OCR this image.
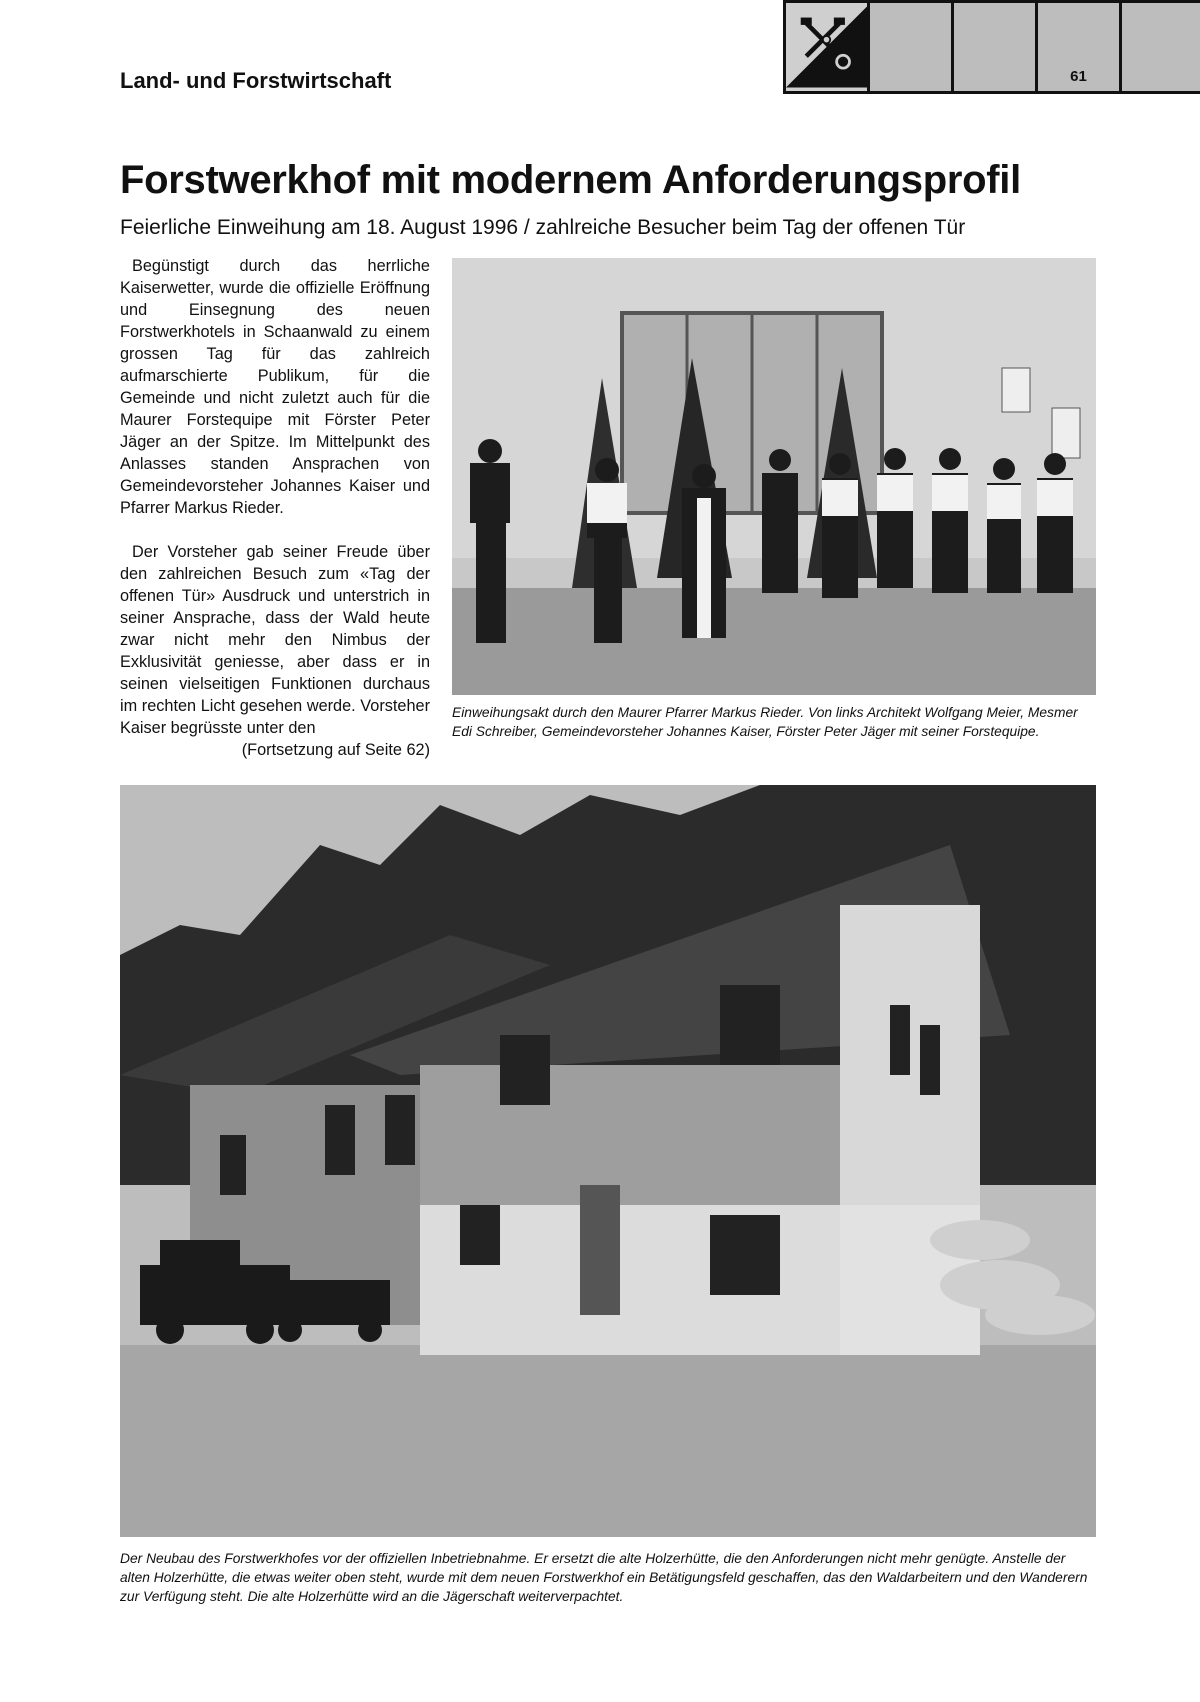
Land- und Forstwirtschaft	61
Forstwerkhof mit modernem Anforderungsprofil

Feierliche Einweihung am 18. August 1996 / zahlreiche Besucher beim Tag der offenen Tür

Begünstigt durch das herrliche Kaiserwetter, wurde die offizielle Eröffnung und Einsegnung des neuen Forstwerkhotels in Schaanwald zu einem grossen Tag für das zahlreich aufmarschierte Publikum, für die Gemeinde und nicht zuletzt auch für die Maurer Forstequipe mit Förster Peter Jäger an der Spitze. Im Mittelpunkt des Anlasses standen Ansprachen von Gemeindevorsteher Johannes Kaiser und Pfarrer Markus Rieder.

Der Vorsteher gab seiner Freude über den zahlreichen Besuch zum «Tag der offenen Tür» Ausdruck und unterstrich in seiner Ansprache, dass der Wald heute zwar nicht mehr den Nimbus der Exklusivität geniesse, aber dass er in seinen vielseitigen Funktionen durchaus im rechten Licht gesehen werde. Vorsteher Kaiser begrüsste unter den

(Fortsetzung auf Seite 62)
Einweihungsakt durch den Maurer Pfarrer Markus Rieder. Von links Architekt Wolfgang Meier, Mesmer Edi Schreiber, Gemeindevorsteher Johannes Kaiser, Förster Peter Jäger mit seiner Forstequipe.
Der Neubau des Forstwerkhofes vor der offiziellen Inbetriebnahme. Er ersetzt die alte Holzerhütte, die den Anforderungen nicht mehr genügte. Anstelle der alten Holzerhütte, die etwas weiter oben steht, wurde mit dem neuen Forstwerkhof ein Betätigungsfeld geschaffen, das den Waldarbeitern und den Wanderern zur Verfügung steht. Die alte Holzerhütte wird an die Jägerschaft weiterverpachtet.
